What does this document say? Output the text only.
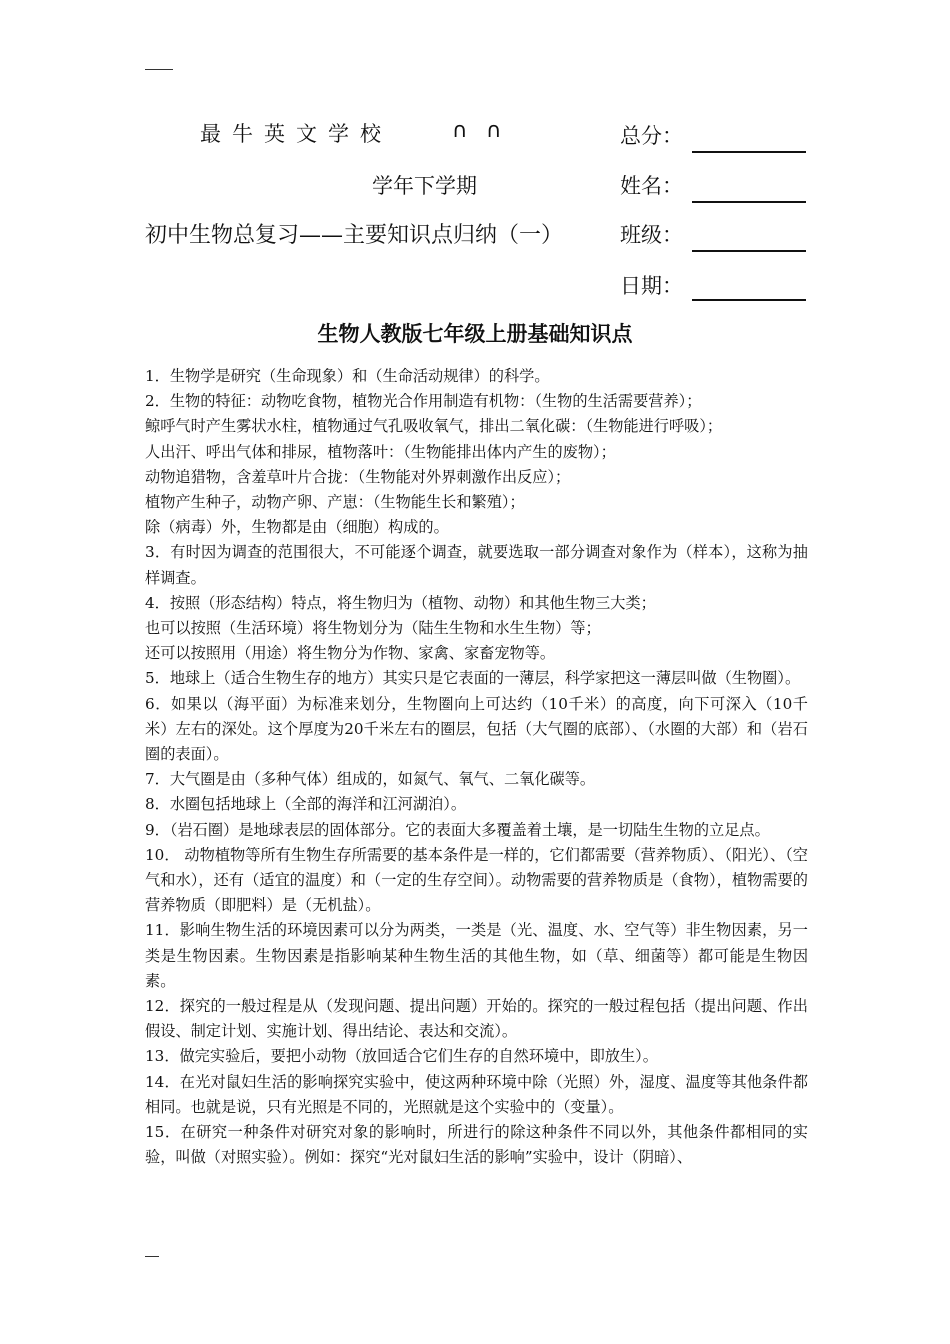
最牛英文学校	∩ ∩
学年下学期
初中生物总复习——主要知识点归纳（一）
总分：
姓名：
班级：
日期：
生物人教版七年级上册基础知识点

1．生物学是研究（生命现象）和（生命活动规律）的科学。

2．生物的特征：动物吃食物，植物光合作用制造有机物：（生物的生活需要营养）；

鲸呼气时产生雾状水柱，植物通过气孔吸收氧气，排出二氧化碳：（生物能进行呼吸）；

人出汗、呼出气体和排尿，植物落叶：（生物能排出体内产生的废物）；

动物追猎物，含羞草叶片合拢：（生物能对外界刺激作出反应）；

植物产生种子，动物产卵、产崽：（生物能生长和繁殖）；

除（病毒）外，生物都是由（细胞）构成的。

3．有时因为调查的范围很大，不可能逐个调查，就要选取一部分调查对象作为（样本），这称为抽样调查。

4．按照（形态结构）特点，将生物归为（植物、动物）和其他生物三大类；

也可以按照（生活环境）将生物划分为（陆生生物和水生生物）等；

还可以按照用（用途）将生物分为作物、家禽、家畜宠物等。

5．地球上（适合生物生存的地方）其实只是它表面的一薄层，科学家把这一薄层叫做（生物圈）。

6．如果以（海平面）为标准来划分，生物圈向上可达约（10千米）的高度，向下可深入（10千米）左右的深处。这个厚度为20千米左右的圈层，包括（大气圈的底部）、（水圈的大部）和（岩石圈的表面）。

7．大气圈是由（多种气体）组成的，如氮气、氧气、二氧化碳等。

8．水圈包括地球上（全部的海洋和江河湖泊）。

9．（岩石圈）是地球表层的固体部分。它的表面大多覆盖着土壤，是一切陆生生物的立足点。

10． 动物植物等所有生物生存所需要的基本条件是一样的，它们都需要（营养物质）、（阳光）、（空气和水），还有（适宜的温度）和（一定的生存空间）。动物需要的营养物质是（食物），植物需要的营养物质（即肥料）是（无机盐）。

11．影响生物生活的环境因素可以分为两类，一类是（光、温度、水、空气等）非生物因素，另一类是生物因素。生物因素是指影响某种生物生活的其他生物，如（草、细菌等）都可能是生物因素。

12．探究的一般过程是从（发现问题、提出问题）开始的。探究的一般过程包括（提出问题、作出假设、制定计划、实施计划、得出结论、表达和交流）。

13．做完实验后，要把小动物（放回适合它们生存的自然环境中，即放生）。

14．在光对鼠妇生活的影响探究实验中，使这两种环境中除（光照）外，湿度、温度等其他条件都相同。也就是说，只有光照是不同的，光照就是这个实验中的（变量）。

15．在研究一种条件对研究对象的影响时，所进行的除这种条件不同以外，其他条件都相同的实验，叫做（对照实验）。例如：探究“光对鼠妇生活的影响”实验中，设计（阴暗）、
